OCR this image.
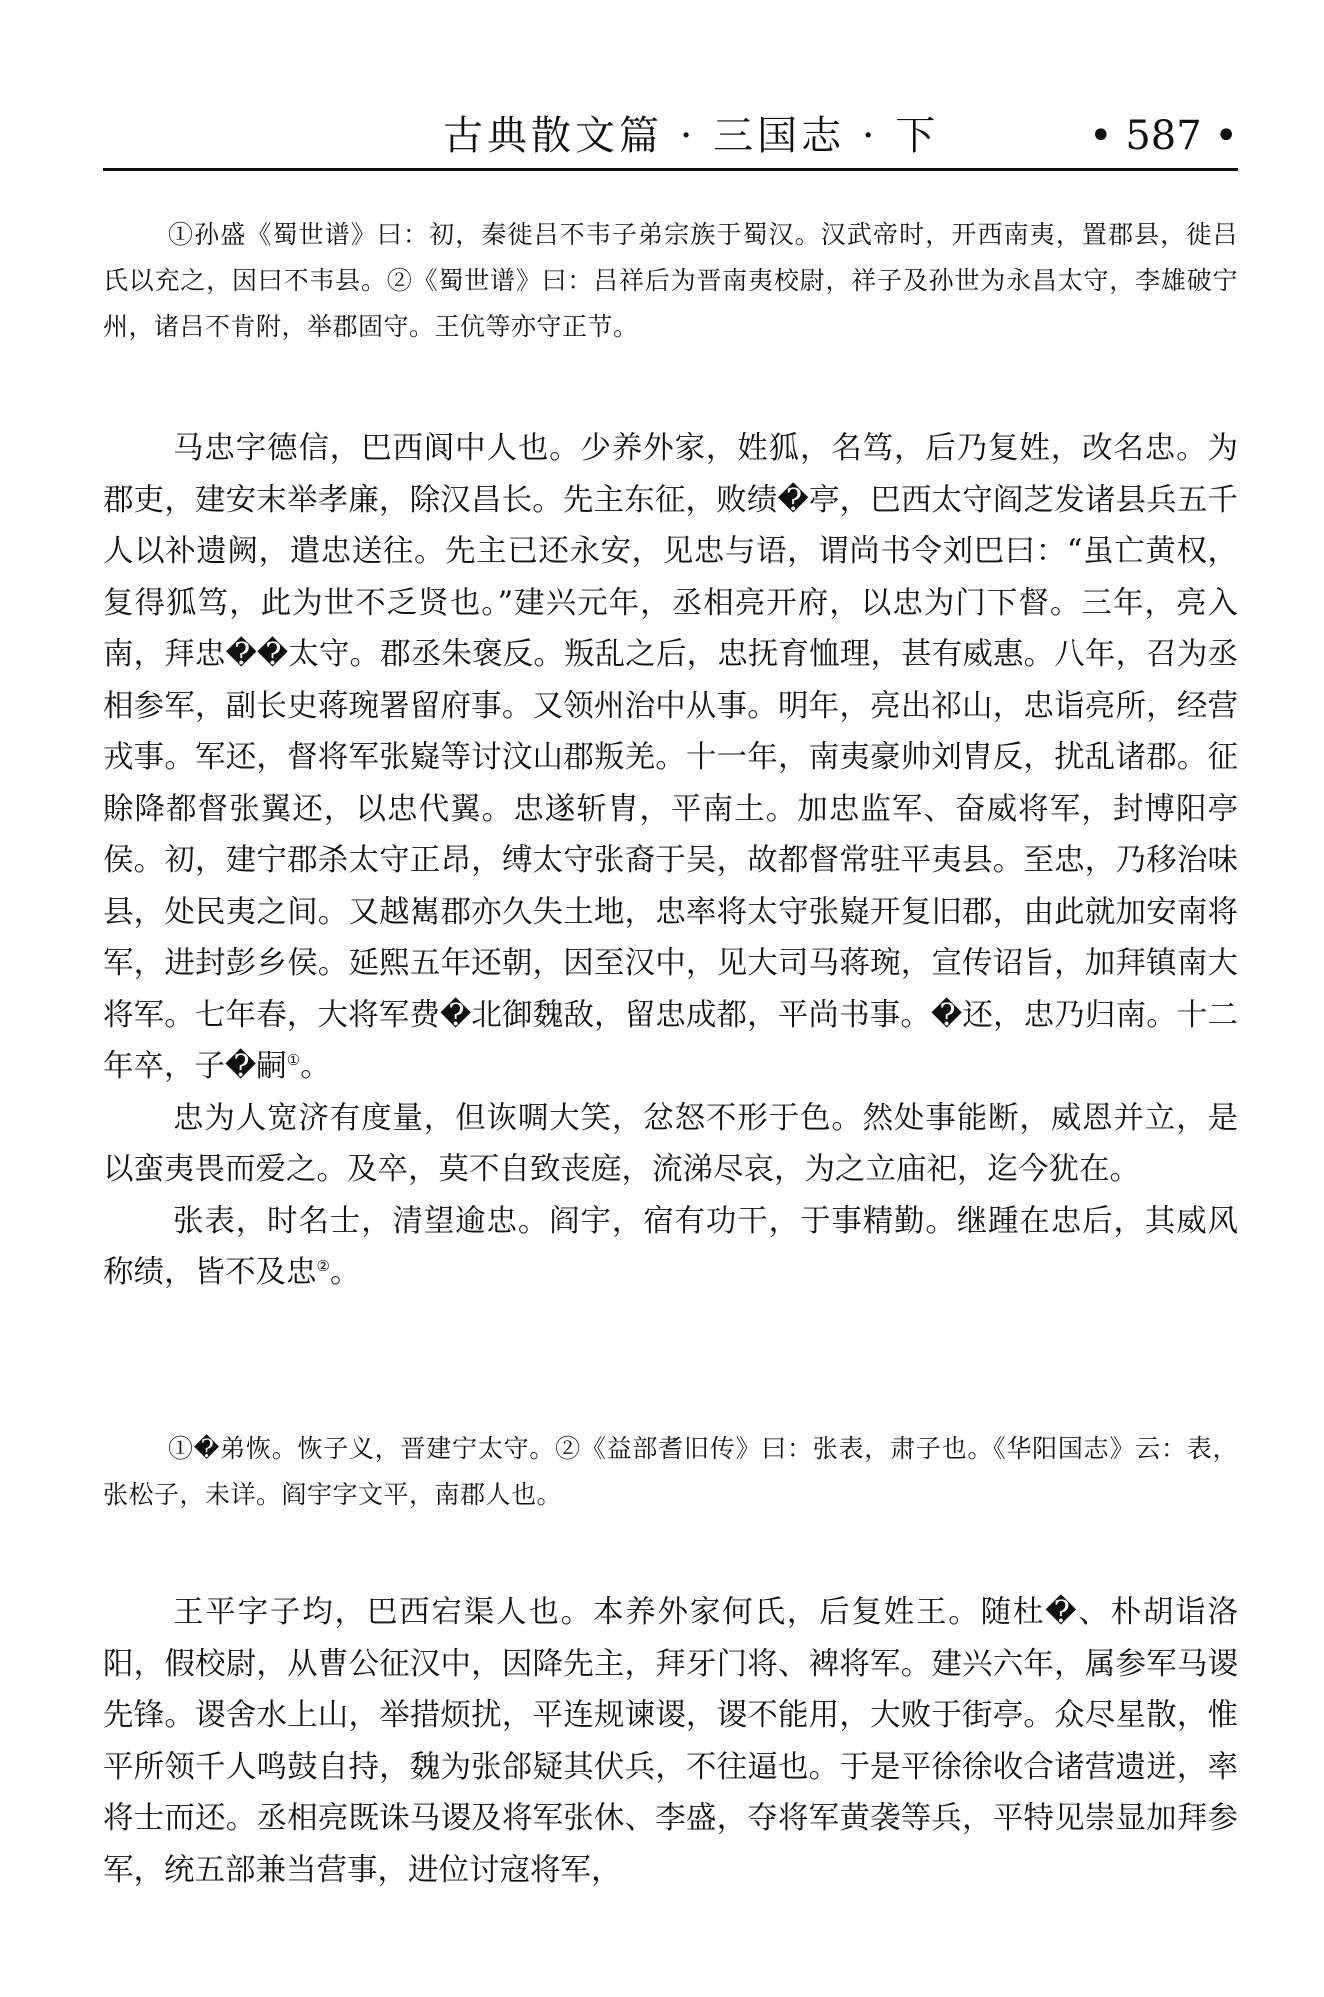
古典散文篇 · 三国志 · 下	• 587 •

①孙盛《蜀世谱》曰：初，秦徙吕不韦子弟宗族于蜀汉。汉武帝时，开西南夷，置郡县，徙吕氏以充之，因曰不韦县。②《蜀世谱》曰：吕祥后为晋南夷校尉，祥子及孙世为永昌太守，李雄破宁州，诸吕不肯附，举郡固守。王伉等亦守正节。

马忠字德信，巴西阆中人也。少养外家，姓狐，名笃，后乃复姓，改名忠。为郡吏，建安末举孝廉，除汉昌长。先主东征，败绩�亭，巴西太守阎芝发诸县兵五千人以补遗阙，遣忠送往。先主已还永安，见忠与语，谓尚书令刘巴曰：“虽亡黄权，复得狐笃，此为世不乏贤也。”建兴元年，丞相亮开府，以忠为门下督。三年，亮入南，拜忠��太守。郡丞朱褒反。叛乱之后，忠抚育恤理，甚有威惠。八年，召为丞相参军，副长史蒋琬署留府事。又领州治中从事。明年，亮出祁山，忠诣亮所，经营戎事。军还，督将军张嶷等讨汶山郡叛羌。十一年，南夷豪帅刘胄反，扰乱诸郡。征賖降都督张翼还，以忠代翼。忠遂斩胄，平南土。加忠监军、奋威将军，封博阳亭侯。初，建宁郡杀太守正昂，缚太守张裔于吴，故都督常驻平夷县。至忠，乃移治味县，处民夷之间。又越嶲郡亦久失土地，忠率将太守张嶷开复旧郡，由此就加安南将军，进封彭乡侯。延熙五年还朝，因至汉中，见大司马蒋琬，宣传诏旨，加拜镇南大将军。七年春，大将军费�北御魏敌，留忠成都，平尚书事。�还，忠乃归南。十二年卒，子�嗣①。

忠为人宽济有度量，但诙啁大笑，忿怒不形于色。然处事能断，威恩并立，是以蛮夷畏而爱之。及卒，莫不自致丧庭，流涕尽哀，为之立庙祀，迄今犹在。

张表，时名士，清望逾忠。阎宇，宿有功干，于事精勤。继踵在忠后，其威风称绩，皆不及忠②。

①�弟恢。恢子义，晋建宁太守。②《益部耆旧传》曰：张表，肃子也。《华阳国志》云：表，张松子，未详。阎宇字文平，南郡人也。

王平字子均，巴西宕渠人也。本养外家何氏，后复姓王。随杜�、朴胡诣洛阳，假校尉，从曹公征汉中，因降先主，拜牙门将、裨将军。建兴六年，属参军马谡先锋。谡舍水上山，举措烦扰，平连规谏谡，谡不能用，大败于街亭。众尽星散，惟平所领千人鸣鼓自持，魏为张郃疑其伏兵，不往逼也。于是平徐徐收合诸营遗迸，率将士而还。丞相亮既诛马谡及将军张休、李盛，夺将军黄袭等兵，平特见崇显加拜参军，统五部兼当营事，进位讨寇将军，
